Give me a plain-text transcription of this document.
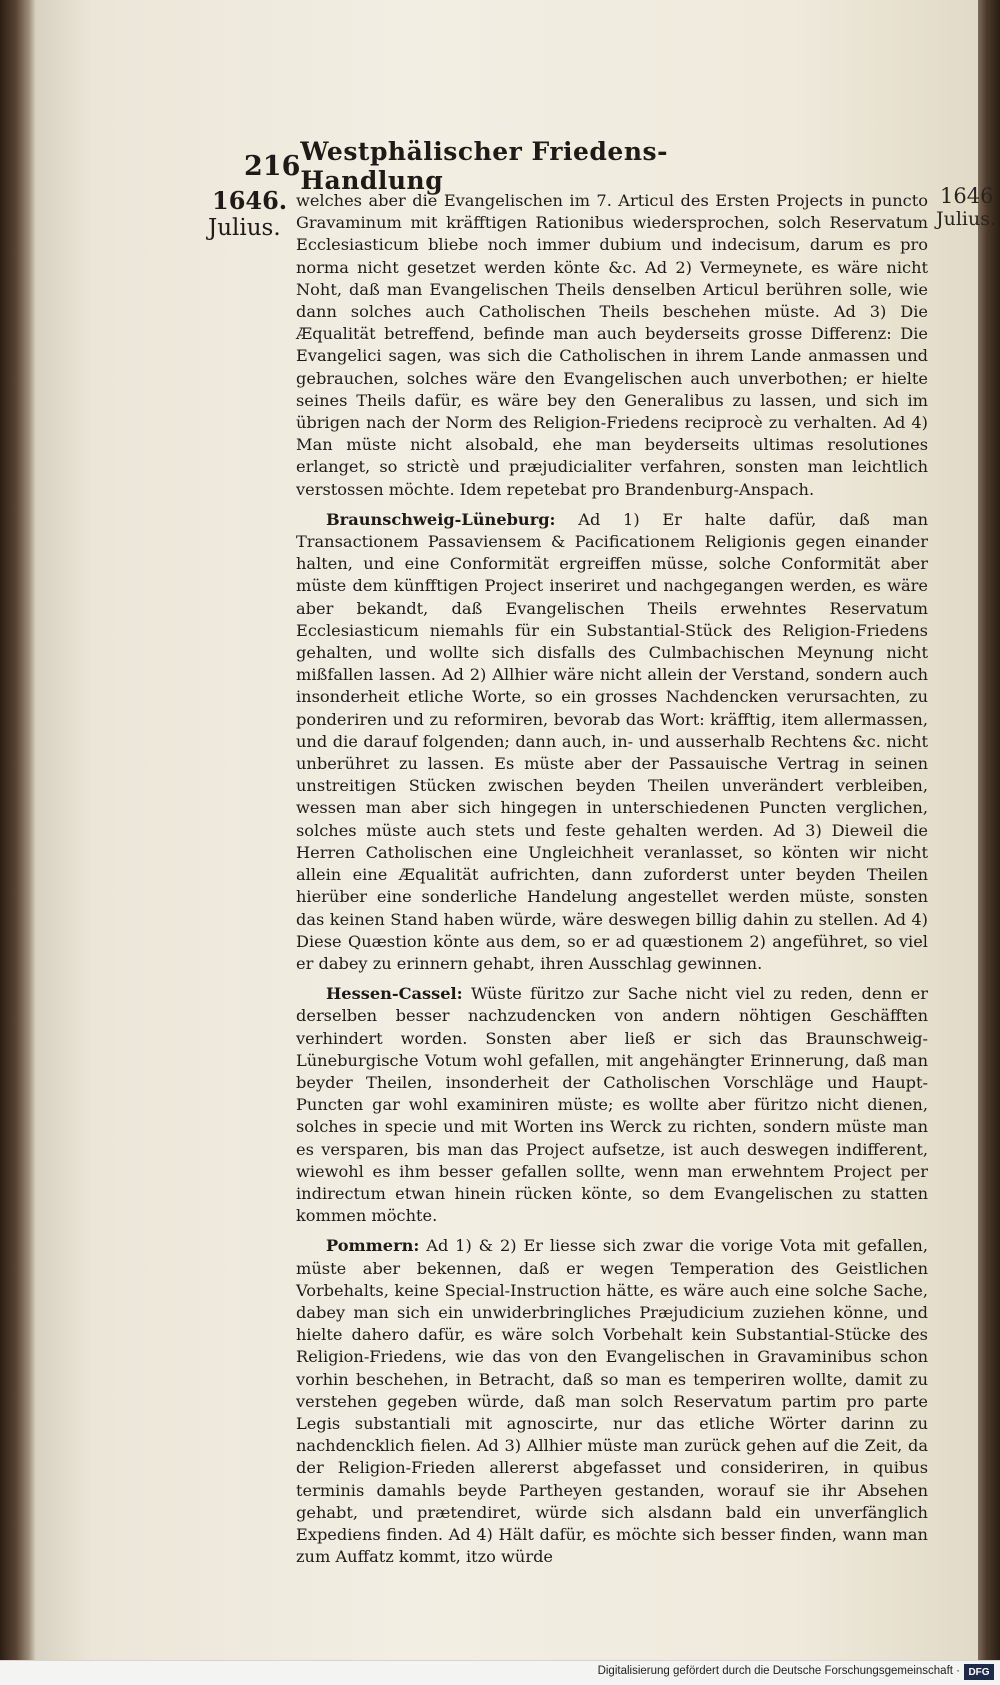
216 Westphälischer Friedens-Handlung
1646.
Julius.
1646.
Julius.

welches aber die Evangelischen im 7. Articul des Ersten Projects in puncto Gravaminum mit kräfftigen Rationibus wiedersprochen, solch Reservatum Ecclesiasticum bliebe noch immer dubium und indecisum, darum es pro norma nicht gesetzet werden könte &c. Ad 2) Vermeynete, es wäre nicht Noht, daß man Evangelischen Theils denselben Articul berühren solle, wie dann solches auch Catholischen Theils beschehen müste. Ad 3) Die Æqualität betreffend, befinde man auch beyderseits grosse Differenz: Die Evangelici sagen, was sich die Catholischen in ihrem Lande anmassen und gebrauchen, solches wäre den Evangelischen auch unverbothen; er hielte seines Theils dafür, es wäre bey den Generalibus zu lassen, und sich im übrigen nach der Norm des Religion-Friedens reciprocè zu verhalten. Ad 4) Man müste nicht alsobald, ehe man beyderseits ultimas resolutiones erlanget, so strictè und præjudicialiter verfahren, sonsten man leichtlich verstossen möchte. Idem repetebat pro Brandenburg-Anspach.

Braunschweig-Lüneburg: Ad 1) Er halte dafür, daß man Transactionem Passaviensem & Pacificationem Religionis gegen einander halten, und eine Conformität ergreiffen müsse, solche Conformität aber müste dem künfftigen Project inseriret und nachgegangen werden, es wäre aber bekandt, daß Evangelischen Theils erwehntes Reservatum Ecclesiasticum niemahls für ein Substantial-Stück des Religion-Friedens gehalten, und wollte sich disfalls des Culmbachischen Meynung nicht mißfallen lassen. Ad 2) Allhier wäre nicht allein der Verstand, sondern auch insonderheit etliche Worte, so ein grosses Nachdencken verursachten, zu ponderiren und zu reformiren, bevorab das Wort: kräfftig, item allermassen, und die darauf folgenden; dann auch, in- und ausserhalb Rechtens &c. nicht unberühret zu lassen. Es müste aber der Passauische Vertrag in seinen unstreitigen Stücken zwischen beyden Theilen unverändert verbleiben, wessen man aber sich hingegen in unterschiedenen Puncten verglichen, solches müste auch stets und feste gehalten werden. Ad 3) Dieweil die Herren Catholischen eine Ungleichheit veranlasset, so könten wir nicht allein eine Æqualität aufrichten, dann zuforderst unter beyden Theilen hierüber eine sonderliche Handelung angestellet werden müste, sonsten das keinen Stand haben würde, wäre deswegen billig dahin zu stellen. Ad 4) Diese Quæstion könte aus dem, so er ad quæstionem 2) angeführet, so viel er dabey zu erinnern gehabt, ihren Ausschlag gewinnen.

Hessen-Cassel: Wüste füritzo zur Sache nicht viel zu reden, denn er derselben besser nachzudencken von andern nöhtigen Geschäfften verhindert worden. Sonsten aber ließ er sich das Braunschweig-Lüneburgische Votum wohl gefallen, mit angehängter Erinnerung, daß man beyder Theilen, insonderheit der Catholischen Vorschläge und Haupt-Puncten gar wohl examiniren müste; es wollte aber füritzo nicht dienen, solches in specie und mit Worten ins Werck zu richten, sondern müste man es versparen, bis man das Project aufsetze, ist auch deswegen indifferent, wiewohl es ihm besser gefallen sollte, wenn man erwehntem Project per indirectum etwan hinein rücken könte, so dem Evangelischen zu statten kommen möchte.

Pommern: Ad 1) & 2) Er liesse sich zwar die vorige Vota mit gefallen, müste aber bekennen, daß er wegen Temperation des Geistlichen Vorbehalts, keine Special-Instruction hätte, es wäre auch eine solche Sache, dabey man sich ein unwiderbringliches Præjudicium zuziehen könne, und hielte dahero dafür, es wäre solch Vorbehalt kein Substantial-Stücke des Religion-Friedens, wie das von den Evangelischen in Gravaminibus schon vorhin beschehen, in Betracht, daß so man es temperiren wollte, damit zu verstehen gegeben würde, daß man solch Reservatum partim pro parte Legis substantiali mit agnoscirte, nur das etliche Wörter darinn zu nachdencklich fielen. Ad 3) Allhier müste man zurück gehen auf die Zeit, da der Religion-Frieden allererst abgefasset und consideriren, in quibus terminis damahls beyde Partheyen gestanden, worauf sie ihr Absehen gehabt, und prætendiret, würde sich alsdann bald ein unverfänglich Expediens finden. Ad 4) Hält dafür, es möchte sich besser finden, wann man zum Auffatz kommt, itzo würde

Digitalisierung gefördert durch die Deutsche Forschungsgemeinschaft · DFG
